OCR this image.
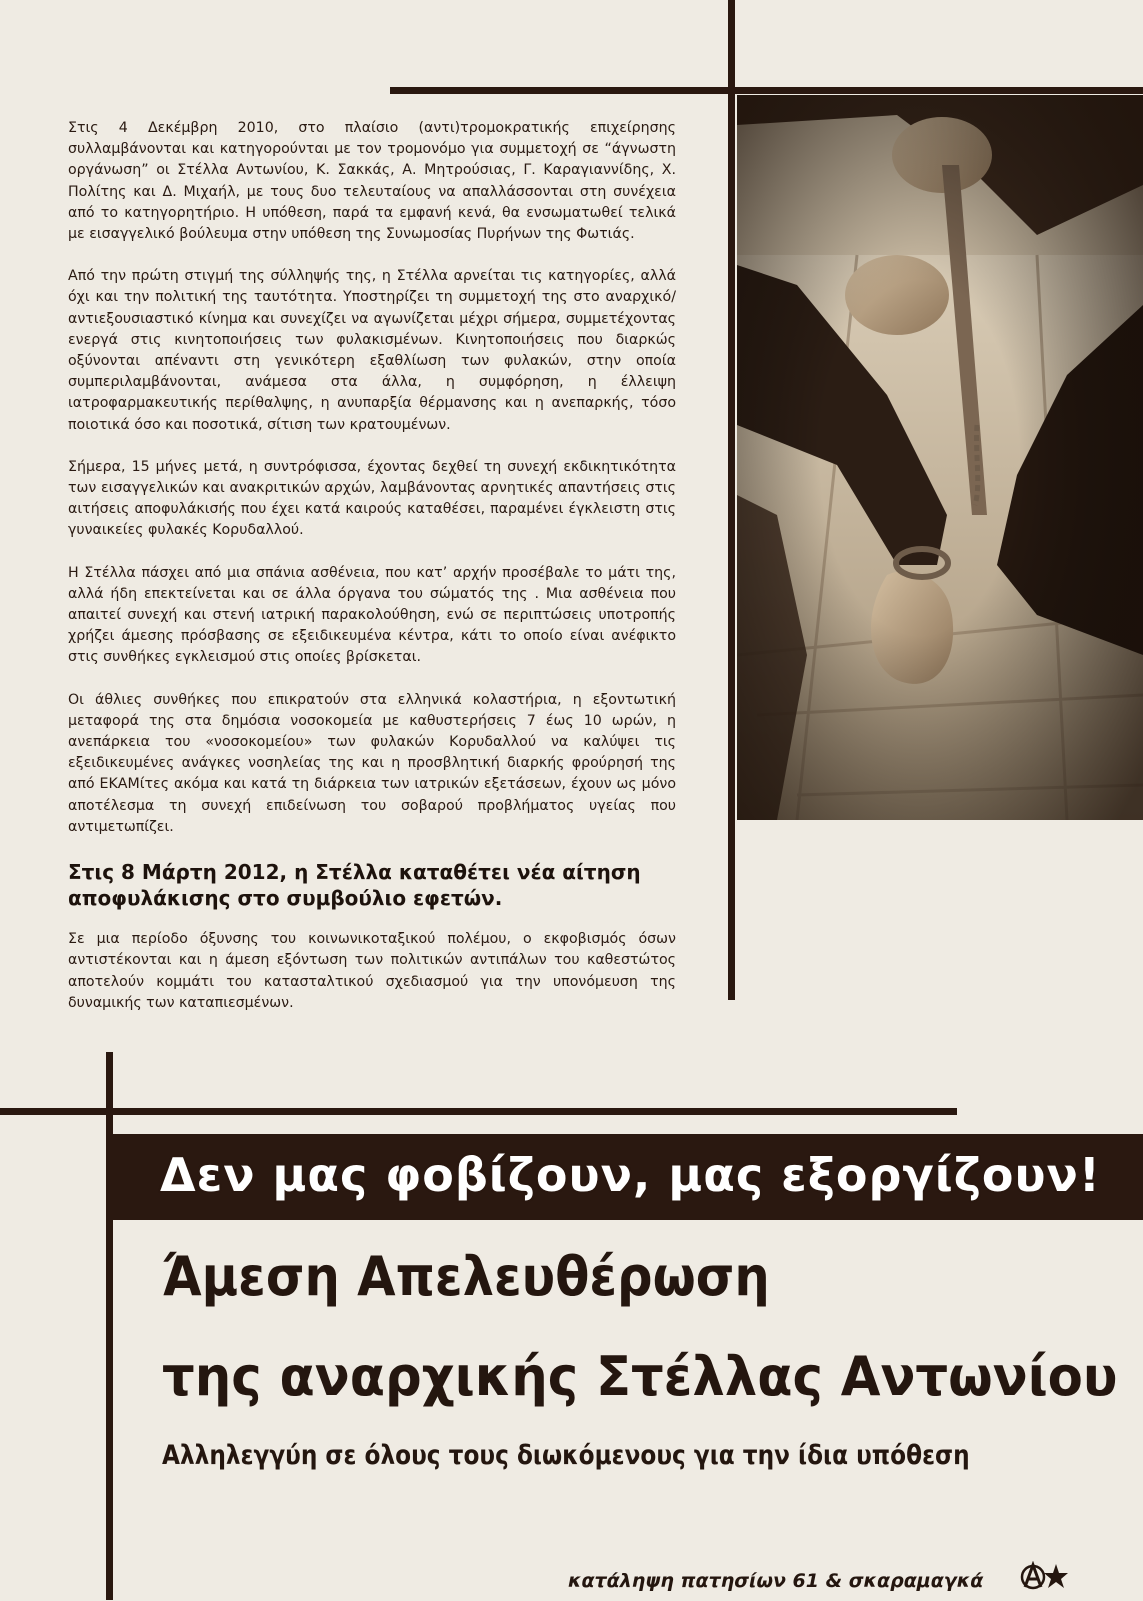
Στις 4 Δεκέμβρη 2010, στο πλαίσιο (αντι)τρομοκρατικής επιχείρησης συλλαμβάνονται και κατηγορούνται με τον τρομονόμο για συμμετοχή σε “άγνωστη οργάνωση” οι Στέλλα Αντωνίου, Κ. Σακκάς, Α. Μητρούσιας, Γ. Καραγιαννίδης, Χ. Πολίτης και Δ. Μιχαήλ, με τους δυο τελευταίους να απαλλάσσονται στη συνέχεια από το κατηγορητήριο. Η υπόθεση, παρά τα εμφανή κενά, θα ενσωματωθεί τελικά με εισαγγελικό βούλευμα στην υπόθεση της Συνωμοσίας Πυρήνων της Φωτιάς.

Από την πρώτη στιγμή της σύλληψής της, η Στέλλα αρνείται τις κατηγορίες, αλλά όχι και την πολιτική της ταυτότητα. Υποστηρίζει τη συμμετοχή της στο αναρχικό/αντιεξουσιαστικό κίνημα και συνεχίζει να αγωνίζεται μέχρι σήμερα, συμμετέχοντας ενεργά στις κινητοποιήσεις των φυλακισμένων. Κινητοποιήσεις που διαρκώς οξύνονται απέναντι στη γενικότερη εξαθλίωση των φυλακών, στην οποία συμπεριλαμβάνονται, ανάμεσα στα άλλα, η συμφόρηση, η έλλειψη ιατροφαρμακευτικής περίθαλψης, η ανυπαρξία θέρμανσης και η ανεπαρκής, τόσο ποιοτικά όσο και ποσοτικά, σίτιση των κρατουμένων.

Σήμερα, 15 μήνες μετά, η συντρόφισσα, έχοντας δεχθεί τη συνεχή εκδικητικότητα των εισαγγελικών και ανακριτικών αρχών, λαμβάνοντας αρνητικές απαντήσεις στις αιτήσεις αποφυλάκισής που έχει κατά καιρούς καταθέσει, παραμένει έγκλειστη στις γυναικείες φυλακές Κορυδαλλού.

Η Στέλλα πάσχει από μια σπάνια ασθένεια, που κατ’ αρχήν προσέβαλε το μάτι της, αλλά ήδη επεκτείνεται και σε άλλα όργανα του σώματός της . Μια ασθένεια που απαιτεί συνεχή και στενή ιατρική παρακολούθηση, ενώ σε περιπτώσεις υποτροπής χρήζει άμεσης πρόσβασης σε εξειδικευμένα κέντρα, κάτι το οποίο είναι ανέφικτο στις συνθήκες εγκλεισμού στις οποίες βρίσκεται.

Οι άθλιες συνθήκες που επικρατούν στα ελληνικά κολαστήρια, η εξοντωτική μεταφορά της στα δημόσια νοσοκομεία με καθυστερήσεις 7 έως 10 ωρών, η ανεπάρκεια του «νοσοκομείου» των φυλακών Κορυδαλλού να καλύψει τις εξειδικευμένες ανάγκες νοσηλείας της και η προσβλητική διαρκής φρούρησή της από ΕΚΑΜίτες ακόμα και κατά τη διάρκεια των ιατρικών εξετάσεων, έχουν ως μόνο αποτέλεσμα τη συνεχή επιδείνωση του σοβαρού προβλήματος υγείας που αντιμετωπίζει.

Στις 8 Μάρτη 2012, η Στέλλα καταθέτει νέα αίτηση αποφυλάκισης στο συμβούλιο εφετών.

Σε μια περίοδο όξυνσης του κοινωνικοταξικού πολέμου, ο εκφοβισμός όσων αντιστέκονται και η άμεση εξόντωση των πολιτικών αντιπάλων του καθεστώτος αποτελούν κομμάτι του κατασταλτικού σχεδιασμού για την υπονόμευση της δυναμικής των καταπιεσμένων.

Δεν μας φοβίζουν, μας εξοργίζουν!
Άμεση Απελευθέρωση
της αναρχικής Στέλλας Αντωνίου
Αλληλεγγύη σε όλους τους διωκόμενους για την ίδια υπόθεση
κατάληψη πατησίων 61 & σκαραμαγκά
